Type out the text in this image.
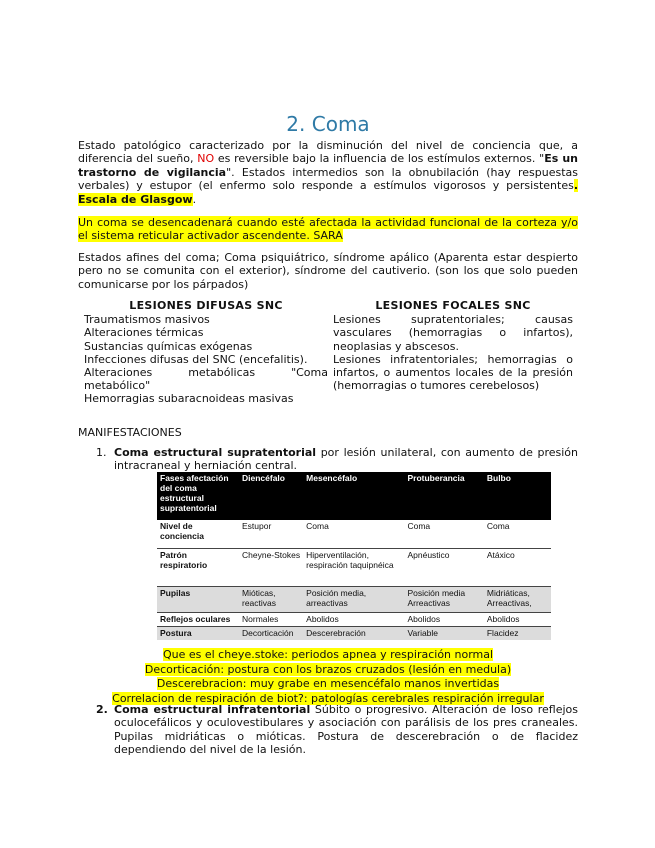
2. Coma

Estado patológico caracterizado por la disminución del nivel de conciencia que, a diferencia del sueño, NO es reversible bajo la influencia de los estímulos externos. "Es un trastorno de vigilancia". Estados intermedios son la obnubilación (hay respuestas verbales) y estupor (el enfermo solo responde a estímulos vigorosos y persistentes. Escala de Glasgow.

Un coma se desencadenará cuando esté afectada la actividad funcional de la corteza y/o el sistema reticular activador ascendente. SARA

Estados afines del coma; Coma psiquiátrico, síndrome apálico (Aparenta estar despierto pero no se comunita con el exterior), síndrome del cautiverio. (son los que solo pueden comunicarse por los párpados)

LESIONES DIFUSAS SNC
Traumatismos masivos
Alteraciones térmicas
Sustancias químicas exógenas
Infecciones difusas del SNC (encefalitis).
Alteraciones metabólicas "Coma metabólico"
Hemorragias subaracnoideas masivas
LESIONES FOCALES SNC
Lesiones supratentoriales; causas vasculares (hemorragias o infartos), neoplasias y abscesos.
Lesiones infratentoriales; hemorragias o infartos, o aumentos locales de la presión (hemorragias o tumores cerebelosos)
MANIFESTACIONES
1. Coma estructural supratentorial por lesión unilateral, con aumento de presión intracraneal y herniación central.

Que es el cheye.stoke: periodos apnea y respiración normal
Decorticación: postura con los brazos cruzados (lesión en medula)
Descerebracion: muy grabe en mesencéfalo manos invertidas
Correlacion de respiración de biot?: patologías cerebrales respiración irregular
2. Coma estructural infratentorial Súbito o progresivo. Alteración de loso reflejos oculocefálicos y oculovestibulares y asociación con parálisis de los pres craneales. Pupilas midriáticas o mióticas. Postura de descerebración o de flacidez dependiendo del nivel de la lesión.

Fases afectación del coma estructural supratentorial	Diencéfalo	Mesencéfalo	Protuberancia	Bulbo
Nivel de conciencia	Estupor	Coma	Coma	Coma
Patrón respiratorio	Cheyne-Stokes	Hiperventilación, respiración taquipnéica	Apnéustico	Atáxico
Pupilas	Mióticas, reactivas	Posición media, arreactivas	Posición media Arreactivas	Midriáticas, Arreactivas,
Reflejos oculares	Normales	Abolidos	Abolidos	Abolidos
Postura	Decorticación	Descerebración	Variable	Flacidez
